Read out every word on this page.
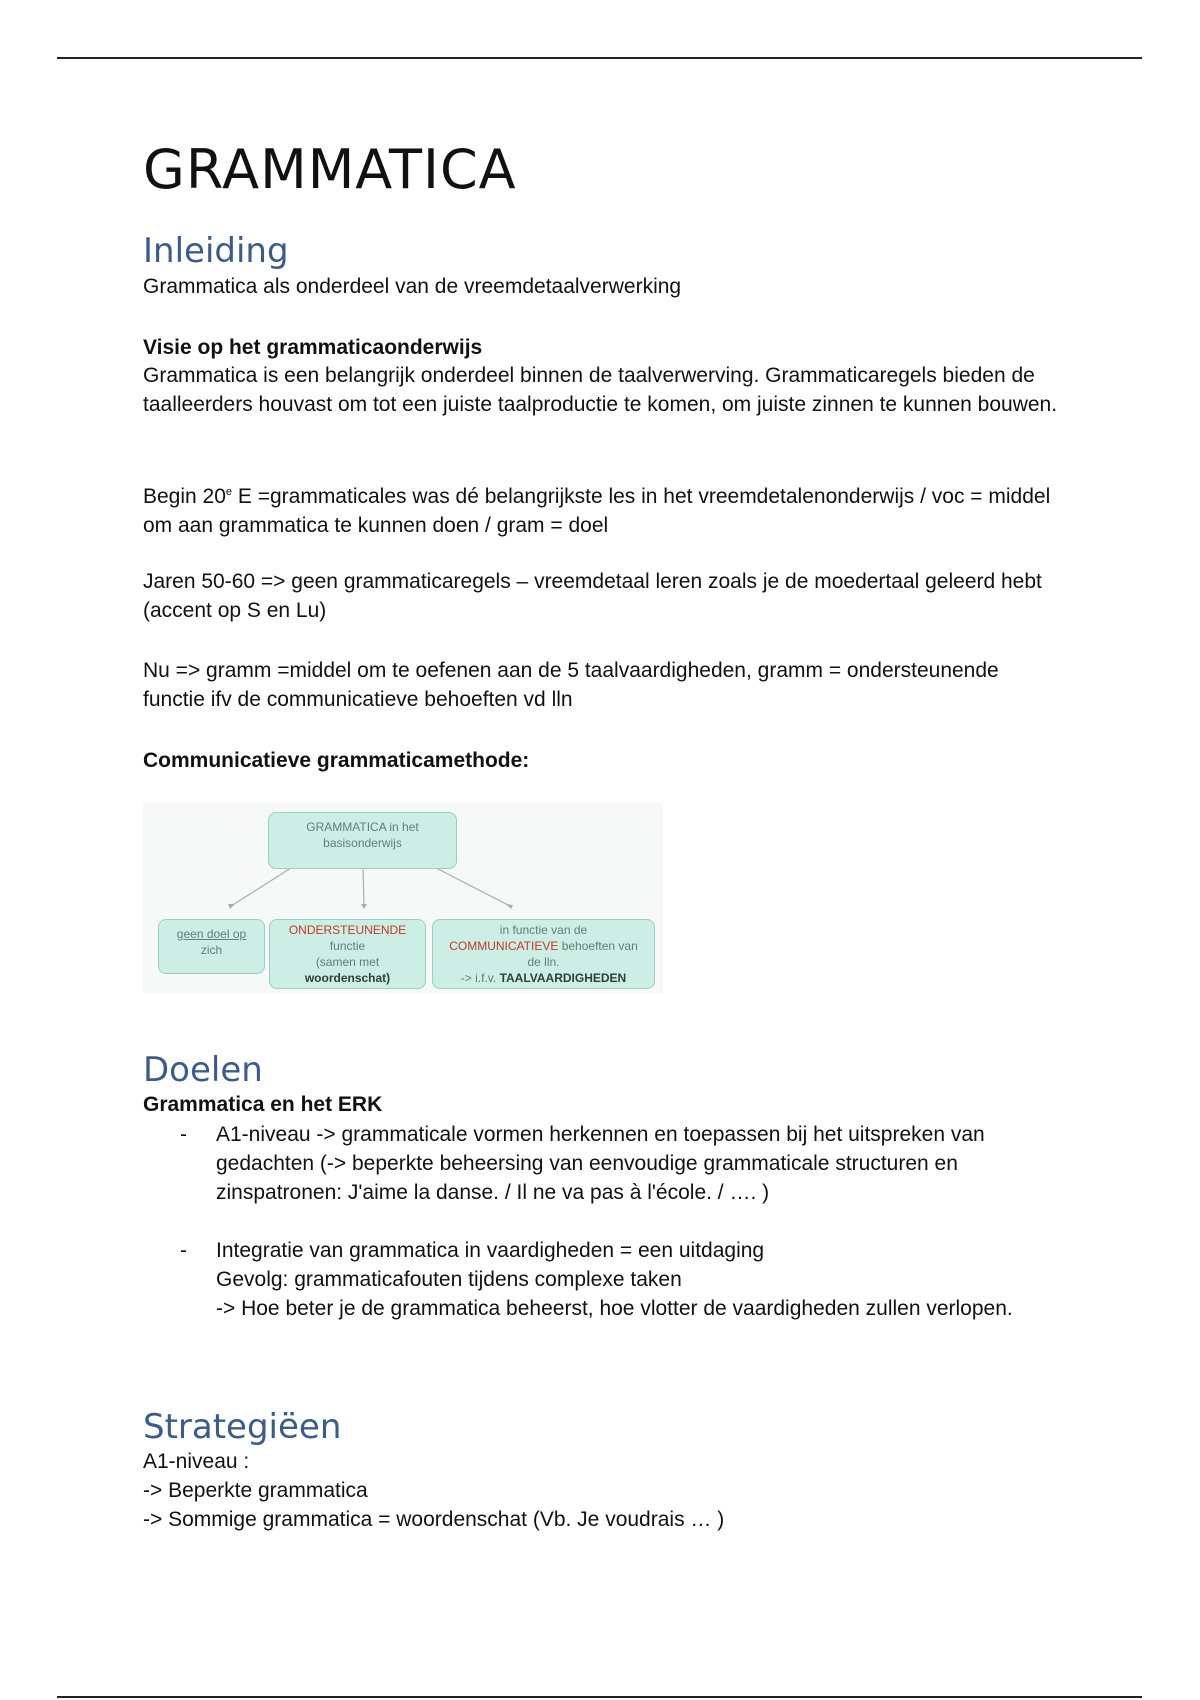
GRAMMATICA
Inleiding
Grammatica als onderdeel van de vreemdetaalverwerking
Visie op het grammaticaonderwijs
Grammatica is een belangrijk onderdeel binnen de taalverwerving. Grammaticaregels bieden de taalleerders houvast om tot een juiste taalproductie te komen, om juiste zinnen te kunnen bouwen.
Begin 20e E =grammaticales was dé belangrijkste les in het vreemdetalenonderwijs / voc = middel om aan grammatica te kunnen doen / gram = doel
Jaren 50-60 => geen grammaticaregels – vreemdetaal leren zoals je de moedertaal geleerd hebt (accent op S en Lu)
Nu => gramm =middel om te oefenen aan de 5 taalvaardigheden, gramm = ondersteunende functie ifv de communicatieve behoeften vd lln
Communicatieve grammaticamethode:
GRAMMATICA in het
basisonderwijs
geen doel op
zich
ONDERSTEUNENDE
functie
(samen met
woordenschat)
in functie van de
COMMUNICATIEVE behoeften van
de lln.
-> i.f.v. TAALVAARDIGHEDEN
Doelen
Grammatica en het ERK
- A1-niveau -> grammaticale vormen herkennen en toepassen bij het uitspreken van gedachten (-> beperkte beheersing van eenvoudige grammaticale structuren en zinspatronen: J'aime la danse. / Il ne va pas à l'école. / …. )
- Integratie van grammatica in vaardigheden = een uitdaging
Gevolg: grammaticafouten tijdens complexe taken
-> Hoe beter je de grammatica beheerst, hoe vlotter de vaardigheden zullen verlopen.
Strategiëen
A1-niveau :
-> Beperkte grammatica
-> Sommige grammatica = woordenschat (Vb. Je voudrais … )
